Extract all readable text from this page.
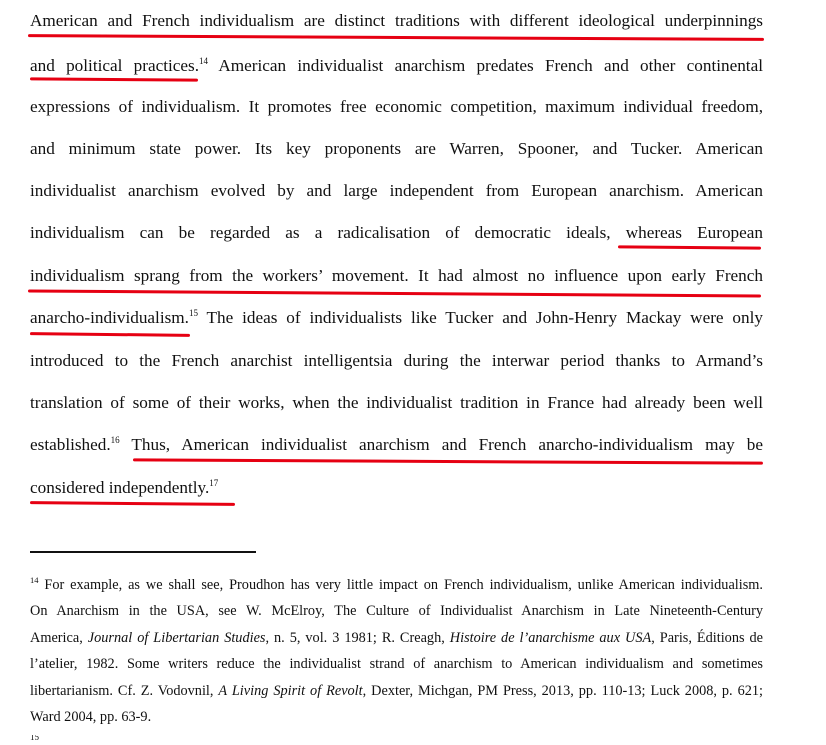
American and French individualism are distinct traditions with different ideological underpinnings
and political practices.$^{14}$ American individualist anarchism predates French and other continental
expressions of individualism. It promotes free economic competition, maximum individual freedom,
and minimum state power. Its key proponents are Warren, Spooner, and Tucker. American
individualist anarchism evolved by and large independent from European anarchism. American
individualism can be regarded as a radicalisation of democratic ideals, whereas European
individualism sprang from the workers’ movement. It had almost no influence upon early French
anarcho-individualism.$^{15}$ The ideas of individualists like Tucker and John-Henry Mackay were only
introduced to the French anarchist intelligentsia during the interwar period thanks to Armand’s
translation of some of their works, when the individualist tradition in France had already been well
established.$^{16}$ Thus, American individualist anarchism and French anarcho-individualism may be
considered independently.$^{17}$
$^{14}$ For example, as we shall see, Proudhon has very little impact on French individualism, unlike American individualism.
On Anarchism in the USA, see W. McElroy, The Culture of Individualist Anarchism in Late Nineteenth-Century
America, Journal of Libertarian Studies, n. 5, vol. 3 1981; R. Creagh, Histoire de l’anarchisme aux USA, Paris, Éditions de
l’atelier, 1982. Some writers reduce the individualist strand of anarchism to American individualism and sometimes
libertarianism. Cf. Z. Vodovnil, A Living Spirit of Revolt, Dexter, Michgan, PM Press, 2013, pp. 110-13; Luck 2008, p. 621;
Ward 2004, pp. 63-9.
$^{15}$
